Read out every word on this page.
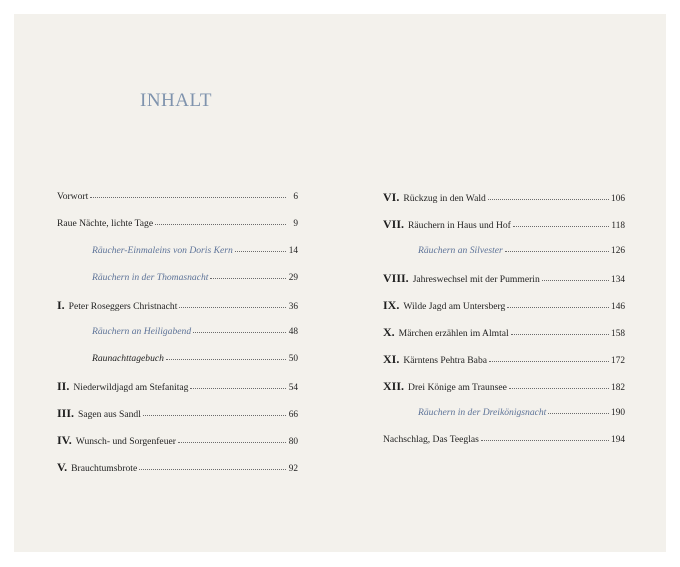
INHALT
Vorwort	6
Raue Nächte, lichte Tage	9
Räucher-Einmaleins von Doris Kern	14
Räuchern in der Thomasnacht	29
I. Peter Roseggers Christnacht	36
Räuchern an Heiligabend	48
Raunachttagebuch	50
II. Niederwildjagd am Stefanitag	54
III. Sagen aus Sandl	66
IV. Wunsch- und Sorgenfeuer	80
V. Brauchtumsbrote	92
VI. Rückzug in den Wald	106
VII. Räuchern in Haus und Hof	118
Räuchern an Silvester	126
VIII. Jahreswechsel mit der Pummerin	134
IX. Wilde Jagd am Untersberg	146
X. Märchen erzählen im Almtal	158
XI. Kärntens Pehtra Baba	172
XII. Drei Könige am Traunsee	182
Räuchern in der Dreikönigsnacht	190
Nachschlag, Das Teeglas	194
